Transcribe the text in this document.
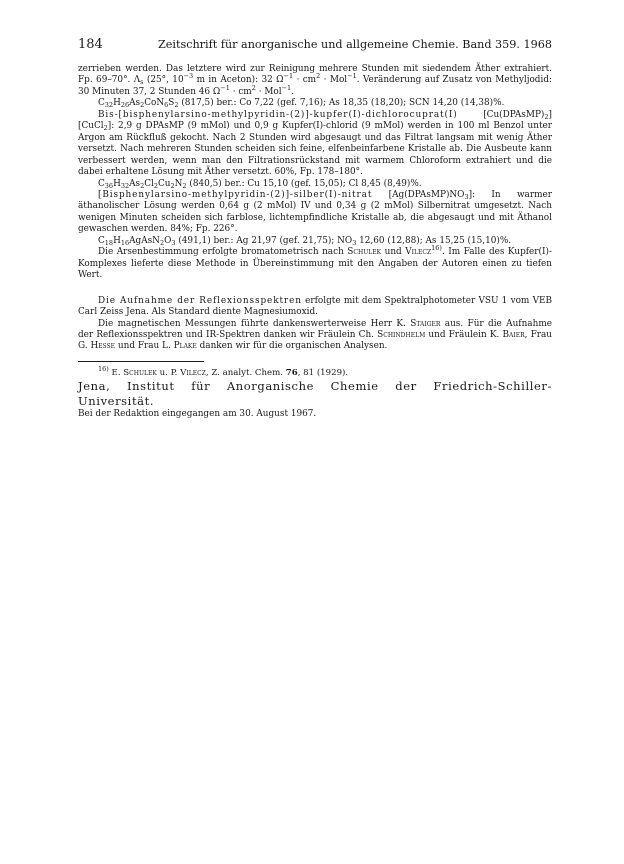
184	Zeitschrift für anorganische und allgemeine Chemie. Band 359. 1968

zerrieben werden. Das letztere wird zur Reinigung mehrere Stunden mit siedendem Äther extrahiert. Fp. 69–70°. $\Lambda_s$ (25°, $10^{-3}$ m in Aceton): 32 $\Omega^{-1} \cdot cm^2 \cdot Mol^{-1}$. Veränderung auf Zusatz von Methyljodid: 30 Minuten 37, 2 Stunden 46 $\Omega^{-1} \cdot cm^2 \cdot Mol^{-1}$.

$C_{32}H_{26}As_2CoN_6S_2$ (817,5) ber.: Co 7,22 (gef. 7,16); As 18,35 (18,20); SCN 14,20 (14,38)%.

Bis-[bisphenylarsino-methylpyridin-(2)]-kupfer(I)-dichlorocuprat(I)	$[Cu(DPAsMP)_2][CuCl_2]$: 2,9 g DPAsMP (9 mMol) und 0,9 g Kupfer(I)-chlorid (9 mMol) werden in 100 ml Benzol unter Argon am Rückfluß gekocht. Nach 2 Stunden wird abgesaugt und das Filtrat langsam mit wenig Äther versetzt. Nach mehreren Stunden scheiden sich feine, elfenbeinfarbene Kristalle ab. Die Ausbeute kann verbessert werden, wenn man den Filtrationsrückstand mit warmem Chloroform extrahiert und die dabei erhaltene Lösung mit Äther versetzt. 60%, Fp. 178–180°.

$C_{36}H_{32}As_2Cl_2Cu_2N_2$ (840,5) ber.: Cu 15,10 (gef. 15,05); Cl 8,45 (8,49)%.

[Bisphenylarsino-methylpyridin-(2)]-silber(I)-nitrat $[Ag(DPAsMP)NO_3]$: In warmer äthanolischer Lösung werden 0,64 g (2 mMol) IV und 0,34 g (2 mMol) Silbernitrat umgesetzt. Nach wenigen Minuten scheiden sich farblose, lichtempfindliche Kristalle ab, die abgesaugt und mit Äthanol gewaschen werden. 84%; Fp. 226°.

$C_{18}H_{16}AgAsN_2O_3$ (491,1) ber.: Ag 21,97 (gef. 21,75); $NO_3$ 12,60 (12,88); As 15,25 (15,10)%.

Die Arsenbestimmung erfolgte bromatometrisch nach Schulek und Vilecz$^{16)}$. Im Falle des Kupfer(I)-Komplexes lieferte diese Methode in Übereinstimmung mit den Angaben der Autoren einen zu tiefen Wert.

Die Aufnahme der Reflexionsspektren erfolgte mit dem Spektralphotometer VSU 1 vom VEB Carl Zeiss Jena. Als Standard diente Magnesiumoxid.

Die magnetischen Messungen führte dankenswerterweise Herr K. Staiger aus. Für die Aufnahme der Reflexionsspektren und IR-Spektren danken wir Fräulein Ch. Schindhelm und Fräulein K. Baier, Frau G. Hesse und Frau L. Plake danken wir für die organischen Analysen.

$^{16)}$ E. Schulek u. P. Vilecz, Z. analyt. Chem. 76, 81 (1929).

Jena, Institut für Anorganische Chemie der Friedrich-Schiller-Universität.

Bei der Redaktion eingegangen am 30. August 1967.
